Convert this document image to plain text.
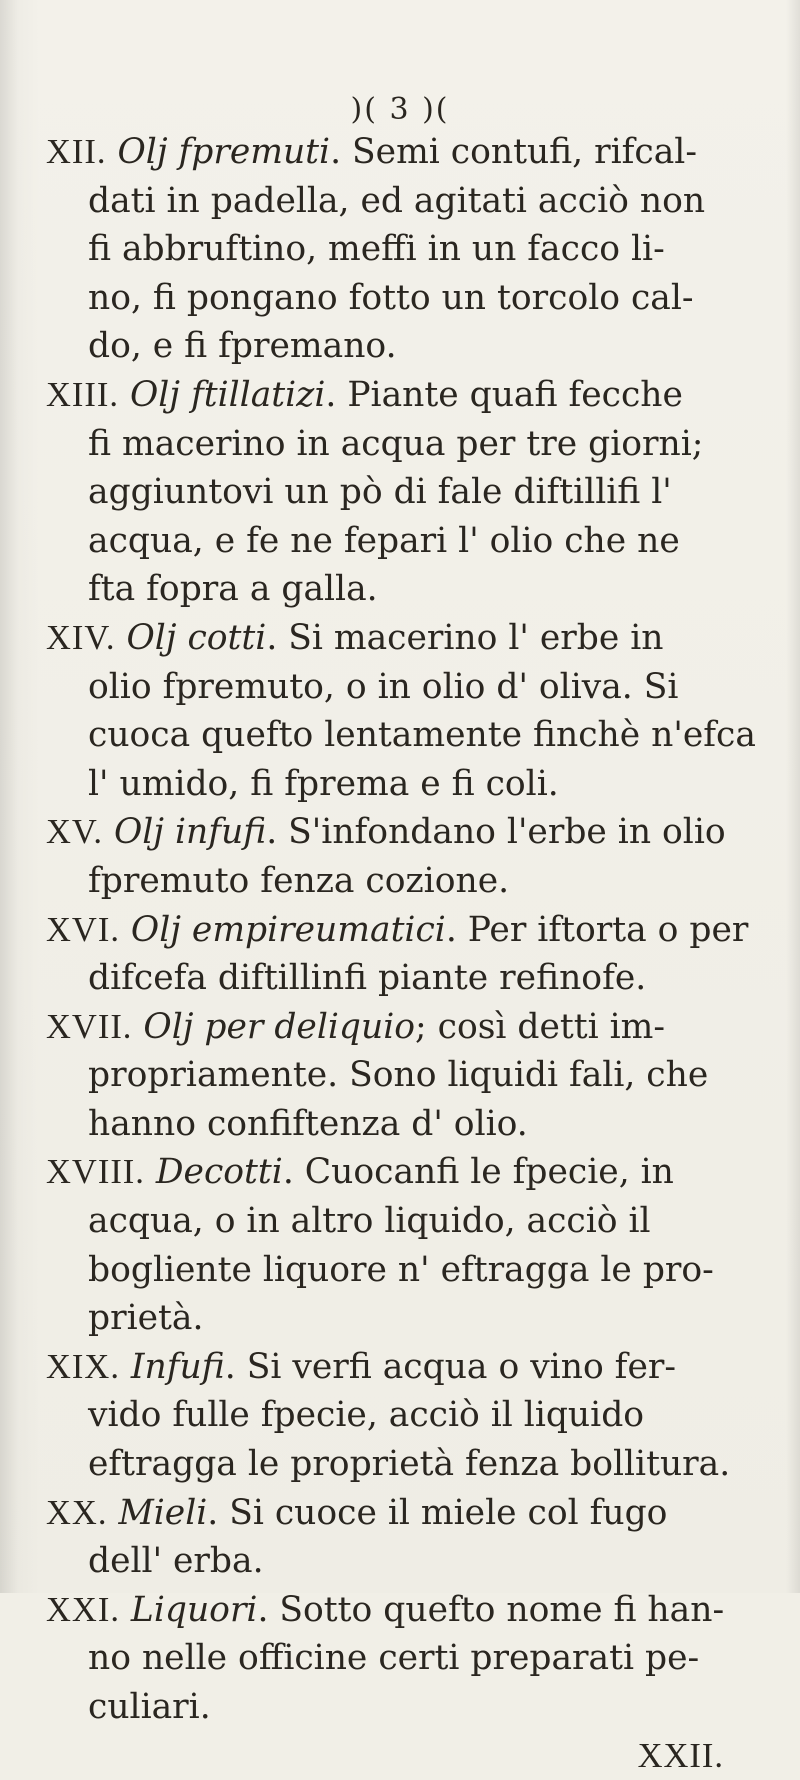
)( 3 )(

XII. Olj fpremuti. Semi contufi, rifcal-
dati in padella, ed agitati acciò non
fi abbruftino, meffi in un facco li-
no, fi pongano fotto un torcolo cal-
do, e fi fpremano.

XIII. Olj ftillatizi. Piante quafi fecche
fi macerino in acqua per tre giorni;
aggiuntovi un pò di fale diftillifi l'
acqua, e fe ne fepari l' olio che ne
fta fopra a galla.

XIV. Olj cotti. Si macerino l' erbe in
olio fpremuto, o in olio d' oliva. Si
cuoca quefto lentamente finchè n'efca
l' umido, fi fprema e fi coli.

XV. Olj infufi. S'infondano l'erbe in olio
fpremuto fenza cozione.

XVI. Olj empireumatici. Per iftorta o per
difcefa diftillinfi piante refinofe.

XVII. Olj per deliquio; così detti im-
propriamente. Sono liquidi fali, che
hanno confiftenza d' olio.

XVIII. Decotti. Cuocanfi le fpecie, in
acqua, o in altro liquido, acciò il
bogliente liquore n' eftragga le pro-
prietà.

XIX. Infufi. Si verfi acqua o vino fer-
vido fulle fpecie, acciò il liquido
eftragga le proprietà fenza bollitura.

XX. Mieli. Si cuoce il miele col fugo
dell' erba.

XXI. Liquori. Sotto quefto nome fi han-
no nelle officine certi preparati pe-
culiari.

XXII.
